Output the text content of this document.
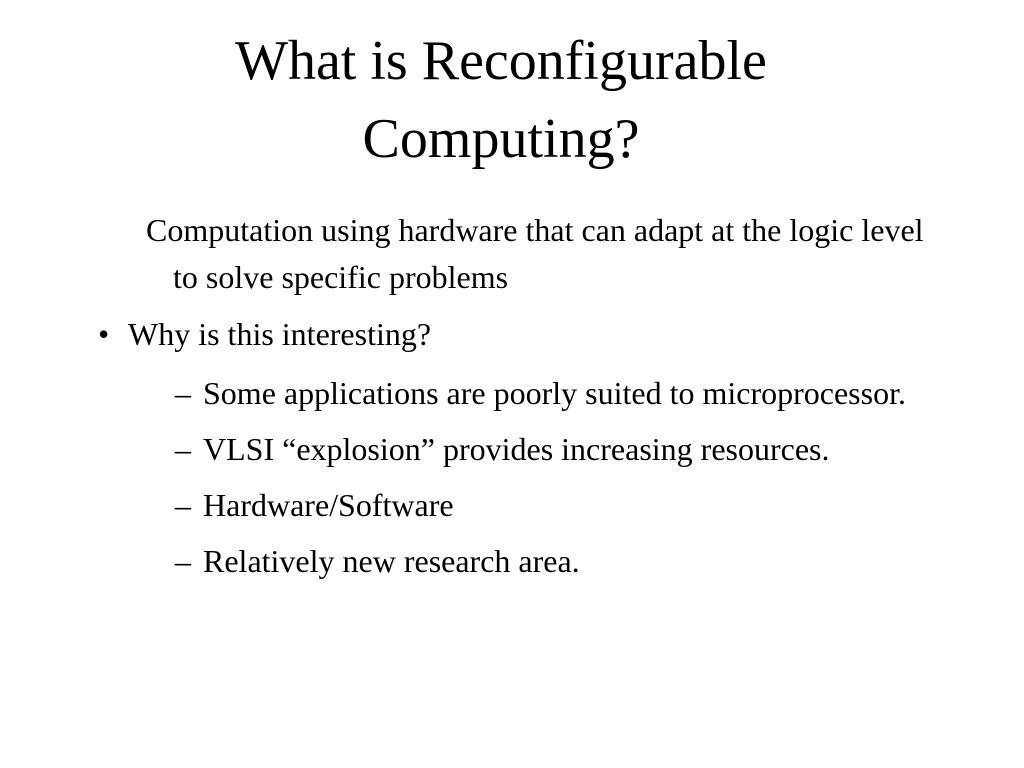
What is Reconfigurable
Computing?

Computation using hardware that can adapt at the logic level to solve specific problems

• Why is this interesting?
– Some applications are poorly suited to microprocessor.
– VLSI “explosion” provides increasing resources.
– Hardware/Software
– Relatively new research area.
